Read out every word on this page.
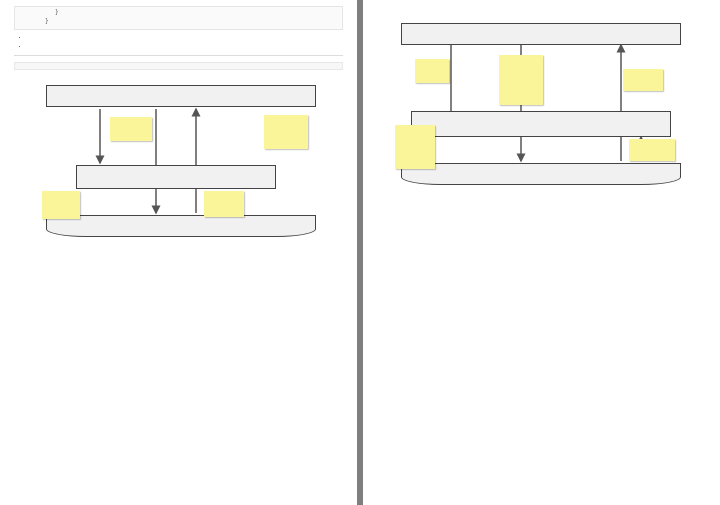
}
}

•

•
